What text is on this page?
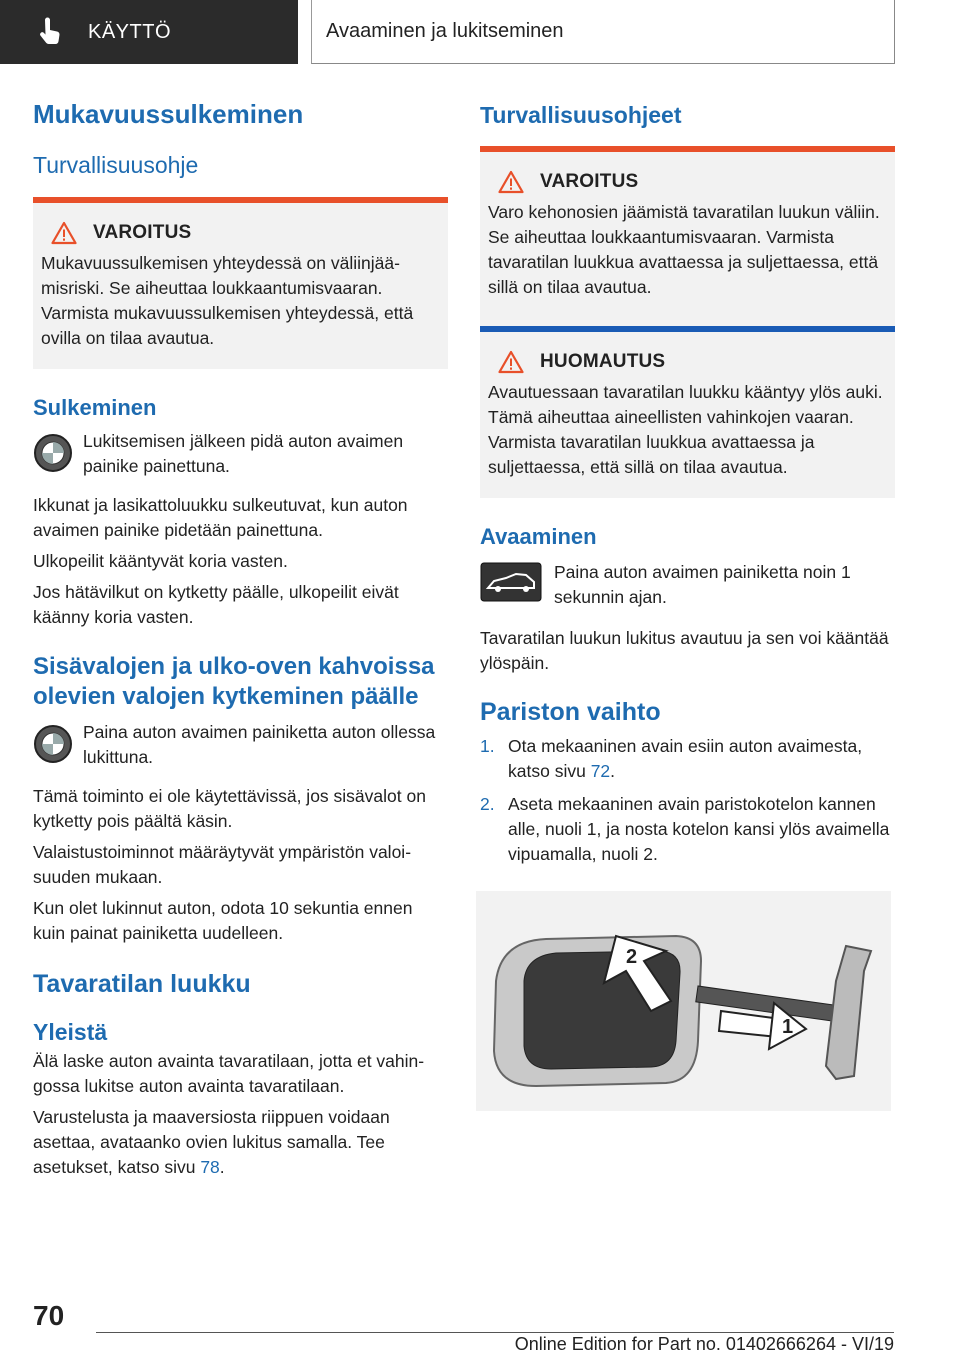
KÄYTTÖ	Avaaminen ja lukitseminen
Mukavuussulkeminen
Turvallisuusohje
VAROITUS

Mukavuussulkemisen yhteydessä on väliinjäämisriski. Se aiheuttaa loukkaantumisvaaran. Varmista mukavuussulkemisen yhteydessä, että ovilla on tilaa avautua.

Sulkeminen

Lukitsemisen jälkeen pidä auton avaimen painike painettuna.

Ikkunat ja lasikattoluukku sulkeutuvat, kun auton avaimen painike pidetään painettuna.

Ulkopeilit kääntyvät koria vasten.

Jos hätävilkut on kytketty päälle, ulkopeilit eivät käänny koria vasten.

Sisävalojen ja ulko-oven kahvoissa olevien valojen kytkeminen päälle

Paina auton avaimen painiketta auton ollessa lukittuna.

Tämä toiminto ei ole käytettävissä, jos sisävalot on kytketty pois päältä käsin.

Valaistustoiminnot määräytyvät ympäristön valoisuuden mukaan.

Kun olet lukinnut auton, odota 10 sekuntia ennen kuin painat painiketta uudelleen.

Tavaratilan luukku
Yleistä

Älä laske auton avainta tavaratilaan, jotta et vahingossa lukitse auton avainta tavaratilaan.

Varustelusta ja maaversiosta riippuen voidaan asettaa, avataanko ovien lukitus samalla. Tee asetukset, katso sivu 78.

Turvallisuusohjeet
VAROITUS

Varo kehonosien jäämistä tavaratilan luukun väliin. Se aiheuttaa loukkaantumisvaaran. Varmista tavaratilan luukkua avattaessa ja suljettaessa, että sillä on tilaa avautua.

HUOMAUTUS

Avautuessaan tavaratilan luukku kääntyy ylös auki. Tämä aiheuttaa aineellisten vahinkojen vaaran. Varmista tavaratilan luukkua avattaessa ja suljettaessa, että sillä on tilaa avautua.

Avaaminen

Paina auton avaimen painiketta noin 1 sekunnin ajan.

Tavaratilan luukun lukitus avautuu ja sen voi kääntää ylöspäin.

Pariston vaihto
1. Ota mekaaninen avain esiin auton avaimesta, katso sivu 72.
2. Aseta mekaaninen avain paristokotelon kannen alle, nuoli 1, ja nosta kotelon kansi ylös avaimella vipuamalla, nuoli 2.
1
2
70
Online Edition for Part no. 01402666264 - VI/19
